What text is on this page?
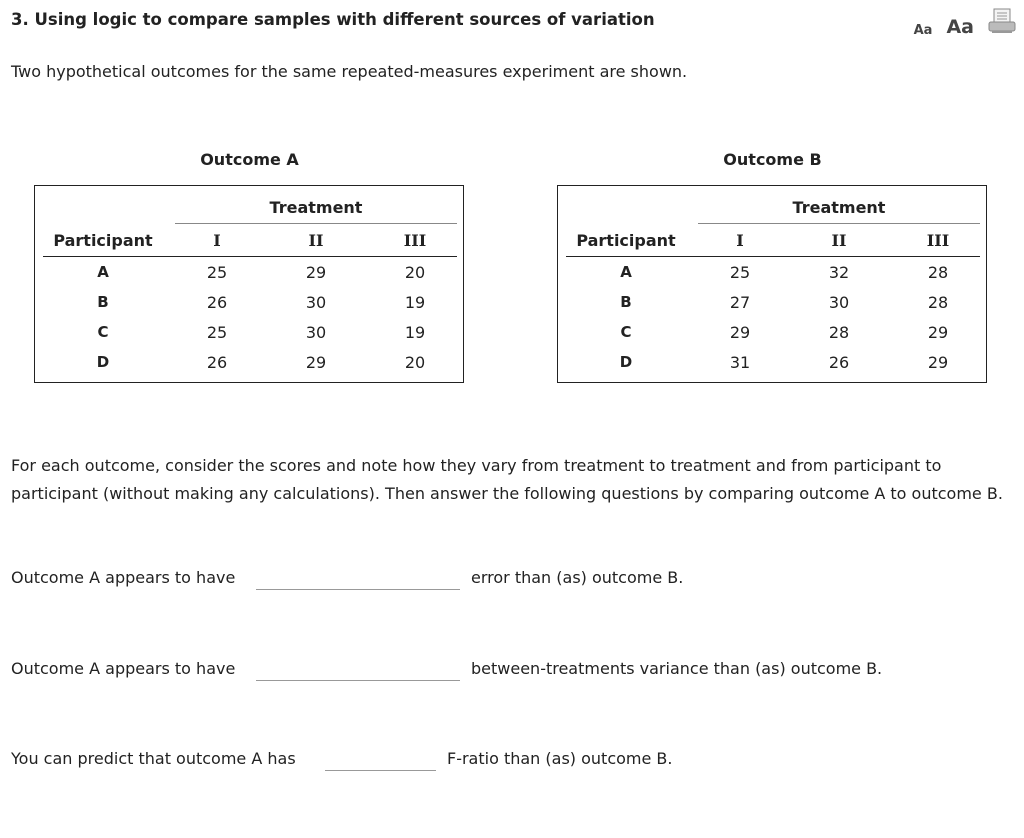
3. Using logic to compare samples with different sources of variation
Aa Aa
Two hypothetical outcomes for the same repeated-measures experiment are shown.
Outcome A
Treatment
Participant	I	II	III
A	25	29	20
B	26	30	19
C	25	30	19
D	26	29	20
Outcome B
Treatment
Participant	I	II	III
A	25	32	28
B	27	30	28
C	29	28	29
D	31	26	29
For each outcome, consider the scores and note how they vary from treatment to treatment and from participant to participant (without making any calculations). Then answer the following questions by comparing outcome A to outcome B.
Outcome A appears to have	error than (as) outcome B.
Outcome A appears to have	between-treatments variance than (as) outcome B.
You can predict that outcome A has	F-ratio than (as) outcome B.
